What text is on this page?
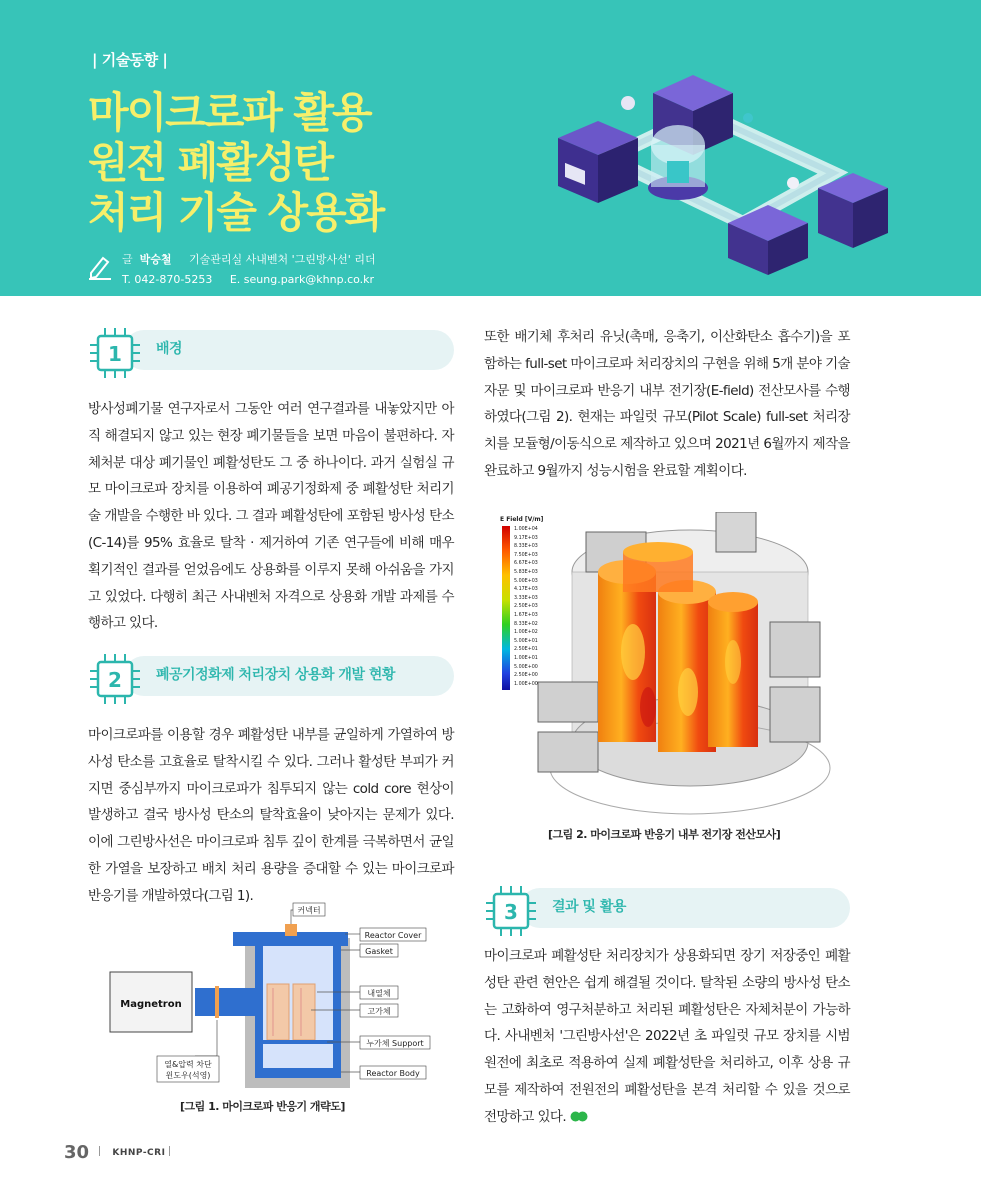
| 기술동향 |
마이크로파 활용
원전 폐활성탄
처리 기술 상용화
글 박승철 기술관리실 사내벤처 '그린방사선' 리더
T. 042-870-5253 E. seung.park@khnp.co.kr
1 배경
방사성폐기물 연구자로서 그동안 여러 연구결과를 내놓았지만 아직 해결되지 않고 있는 현장 폐기물들을 보면 마음이 불편하다. 자체처분 대상 폐기물인 폐활성탄도 그 중 하나이다. 과거 실험실 규모 마이크로파 장치를 이용하여 폐공기정화제 중 폐활성탄 처리기술 개발을 수행한 바 있다. 그 결과 폐활성탄에 포함된 방사성 탄소(C-14)를 95% 효율로 탈착 · 제거하여 기존 연구들에 비해 매우 획기적인 결과를 얻었음에도 상용화를 이루지 못해 아쉬움을 가지고 있었다. 다행히 최근 사내벤처 자격으로 상용화 개발 과제를 수행하고 있다.
2 폐공기정화제 처리장치 상용화 개발 현황
마이크로파를 이용할 경우 폐활성탄 내부를 균일하게 가열하여 방사성 탄소를 고효율로 탈착시킬 수 있다. 그러나 활성탄 부피가 커지면 중심부까지 마이크로파가 침투되지 않는 cold core 현상이 발생하고 결국 방사성 탄소의 탈착효율이 낮아지는 문제가 있다. 이에 그린방사선은 마이크로파 침투 깊이 한계를 극복하면서 균일한 가열을 보장하고 배치 처리 용량을 증대할 수 있는 마이크로파 반응기를 개발하였다(그림 1).
Magnetron
커넥터
Reactor Cover
Gasket
내열체
고가체
누가체 Support
Reactor Body
열&압력 차단
윈도우(석영)
[그림 1. 마이크로파 반응기 개략도]
또한 배기체 후처리 유닛(촉매, 응축기, 이산화탄소 흡수기)을 포함하는 full-set 마이크로파 처리장치의 구현을 위해 5개 분야 기술자문 및 마이크로파 반응기 내부 전기장(E-field) 전산모사를 수행하였다(그림 2). 현재는 파일럿 규모(Pilot Scale) full-set 처리장치를 모듈형/이동식으로 제작하고 있으며 2021년 6월까지 제작을 완료하고 9월까지 성능시험을 완료할 계획이다.
E Field [V/m]
1.00E+04
9.17E+03
8.33E+03
7.50E+03
6.67E+03
5.83E+03
5.00E+03
4.17E+03
3.33E+03
2.50E+03
1.67E+03
8.33E+02
1.00E+02
5.00E+01
2.50E+01
1.00E+01
5.00E+00
2.50E+00
1.00E+00
[그림 2. 마이크로파 반응기 내부 전기장 전산모사]
3 결과 및 활용
마이크로파 폐활성탄 처리장치가 상용화되면 장기 저장중인 폐활성탄 관련 현안은 쉽게 해결될 것이다. 탈착된 소량의 방사성 탄소는 고화하여 영구처분하고 처리된 폐활성탄은 자체처분이 가능하다. 사내벤처 '그린방사선'은 2022년 초 파일럿 규모 장치를 시범 원전에 최초로 적용하여 실제 폐활성탄을 처리하고, 이후 상용 규모를 제작하여 전원전의 폐활성탄을 본격 처리할 수 있을 것으로 전망하고 있다.
30	KHNP-CRI
